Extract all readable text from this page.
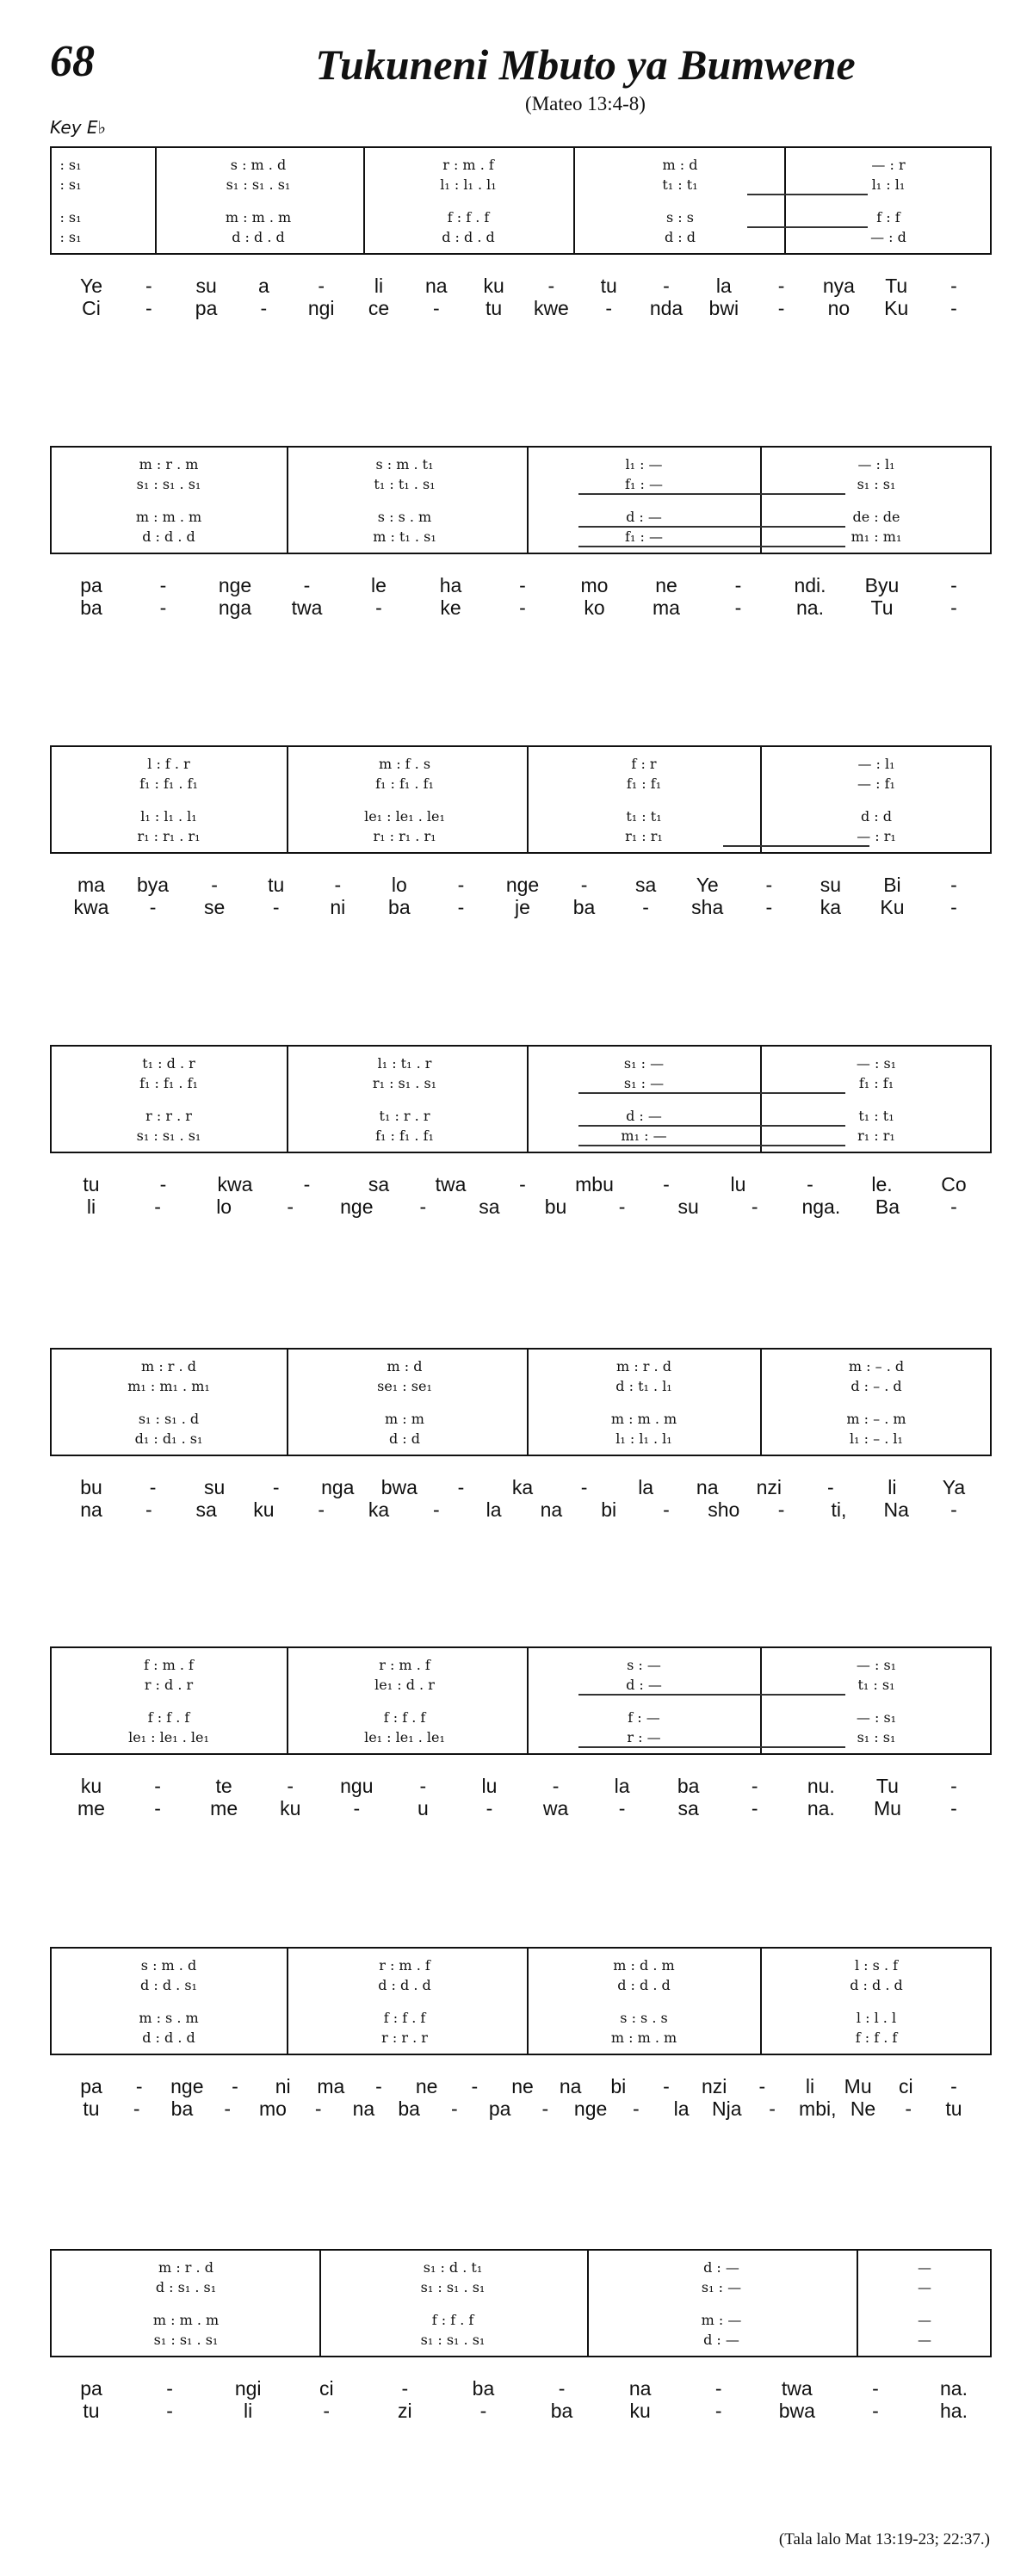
68	Tukuneni Mbuto ya Bumwene
(Mateo 13:4-8)
Key E♭
: s₁	s : m . d	r : m . f	m : d	— : r
: s₁	s₁ : s₁ . s₁	l₁ : l₁ . l₁	t₁ : t₁	l₁ : l₁
: s₁	m : m . m	f : f . f	s : s	f : f
: s₁	d : d . d	d : d . d	d : d	— : d
Ye - su a -	li na ku - tu - la - nya Tu -
Ci - pa - ngi ce - tu kwe - nda bwi - no Ku -
m : r . m	s : m . t₁	l₁ : —	— : l₁
s₁ : s₁ . s₁	t₁ : t₁ . s₁	f₁ : —	s₁ : s₁
m : m . m	s : s . m	d : —	de : de
d : d . d	m : t₁ . s₁	f₁ : —	m₁ : m₁
pa	-	nge	-	le	ha	-	mo ne	-	ndi. Byu	-
ba	-	nga twa	-	ke	-	ko ma	-	na. Tu	-
l : f . r	m : f . s	f : r	— : l₁
f₁ : f₁ . f₁	f₁ : f₁ . f₁	f₁ : f₁	— : f₁
l₁ : l₁ . l₁	le₁ : le₁ . le₁	t₁ : t₁	d : d
r₁ : r₁ . r₁	r₁ : r₁ . r₁	r₁ : r₁	— : r₁
ma bya -	tu	-	lo	- nge - sa Ye - su Bi	-
kwa - se -	ni ba -	je ba - sha - ka Ku -
t₁ : d . r	l₁ : t₁ . r	s₁ : —	— : s₁
f₁ : f₁ . f₁	r₁ : s₁ . s₁	s₁ : —	f₁ : f₁
r : r . r	t₁ : r . r	d : —	t₁ : t₁
s₁ : s₁ . s₁	f₁ : f₁ . f₁	m₁ : —	r₁ : r₁
tu	-	kwa	-	sa twa	- mbu -	lu	-	le. Co
li	-	lo	- nge -	sa bu	-	su	- nga. Ba	-
m : r . d	m : d	m : r . d	m : – . d
m₁ : m₁ . m₁	se₁ : se₁	d : t₁ . l₁	d : – . d
s₁ : s₁ . d	m : m	m : m . m	m : – . m
d₁ : d₁ . s₁	d : d	l₁ : l₁ . l₁	l₁ : – . l₁
bu - su - nga bwa - ka -	la na nzi -	li Ya
na - sa ku - ka - la na bi - sho - ti, Na -
f : m . f	r : m . f	s : —	— : s₁
r : d . r	le₁ : d . r	d : —	t₁ : s₁
f : f . f	f : f . f	f : —	— : s₁
le₁ : le₁ . le₁	le₁ : le₁ . le₁	r : —	s₁ : s₁
ku	-	te	- ngu -	lu	-	la ba	- nu. Tu	-
me - me ku	-	u	-	wa	-	sa	- na. Mu -
s : m . d	r : m . f	m : d . m	l : s . f
d : d . s₁	d : d . d	d : d . d	d : d . d
m : s . m	f : f . f	s : s . s	l : l . l
d : d . d	r : r . r	m : m . m	f : f . f
pa - nge - ni ma - ne - ne na bi - nzi - li Mu ci -
tu - ba - mo - na ba - pa - nge - la Nja - mbi, Ne - tu
m : r . d	s₁ : d . t₁	d : —	—
d : s₁ . s₁	s₁ : s₁ . s₁	s₁ : —	—
m : m . m	f : f . f	m : —	—
s₁ : s₁ . s₁	s₁ : s₁ . s₁	d : —	—
pa	-	ngi	ci	-	ba	-	na	-	twa	-	na.
tu	-	li	-	zi	-	ba	ku	-	bwa	-	ha.
(Tala lalo Mat 13:19-23; 22:37.)
